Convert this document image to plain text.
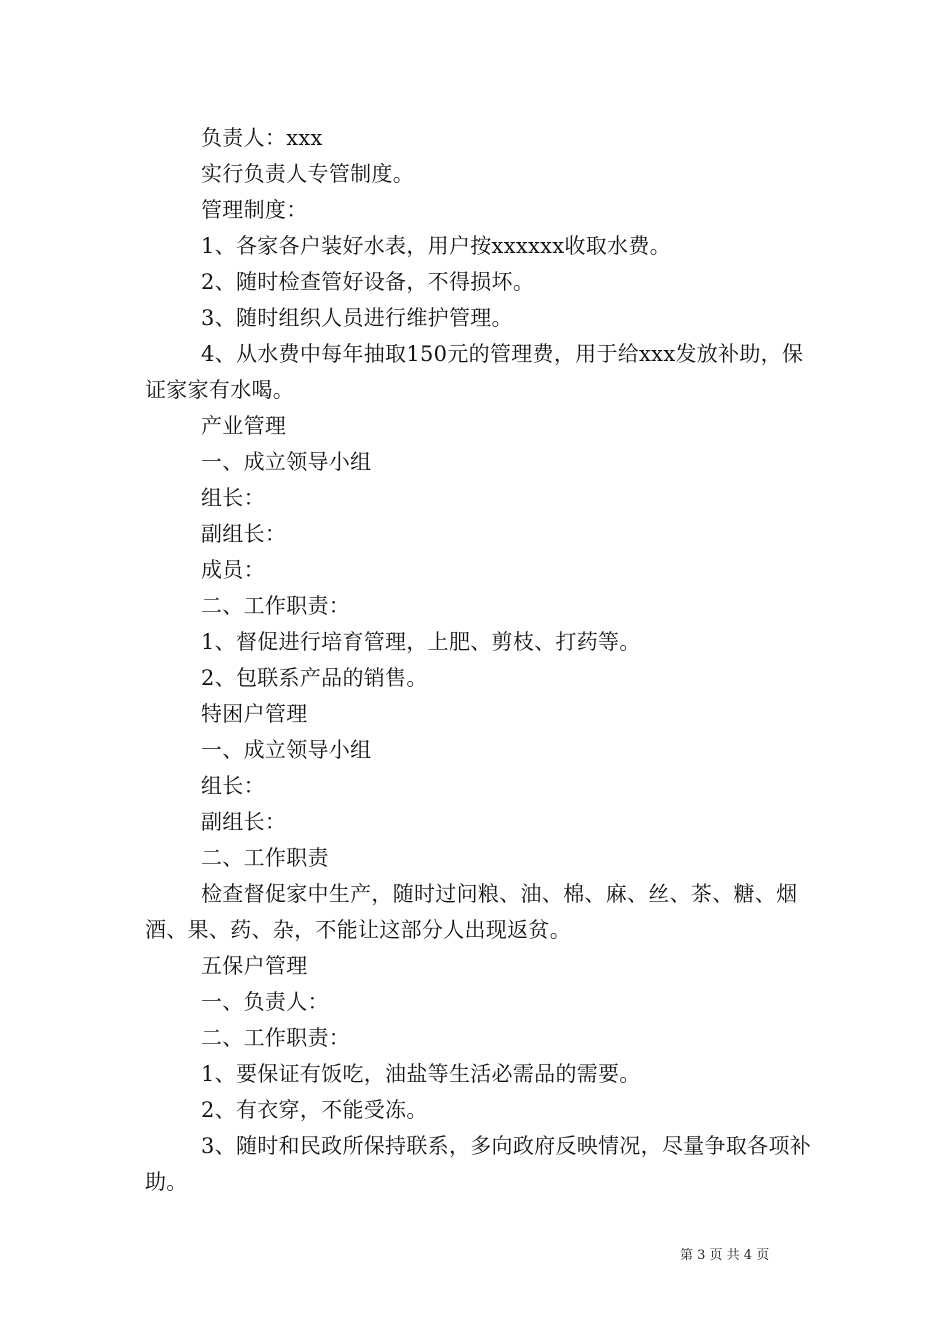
负责人：xxx

实行负责人专管制度。

管理制度：

1、各家各户装好水表，用户按xxxxxx收取水费。

2、随时检查管好设备，不得损坏。

3、随时组织人员进行维护管理。

4、从水费中每年抽取150元的管理费，用于给xxx发放补助，保证家家有水喝。

产业管理

一、成立领导小组

组长：

副组长：

成员：

二、工作职责：

1、督促进行培育管理，上肥、剪枝、打药等。

2、包联系产品的销售。

特困户管理

一、成立领导小组

组长：

副组长：

二、工作职责

检查督促家中生产，随时过问粮、油、棉、麻、丝、茶、糖、烟酒、果、药、杂，不能让这部分人出现返贫。

五保户管理

一、负责人：

二、工作职责：

1、要保证有饭吃，油盐等生活必需品的需要。

2、有衣穿，不能受冻。

3、随时和民政所保持联系，多向政府反映情况，尽量争取各项补助。

第 3 页 共 4 页
